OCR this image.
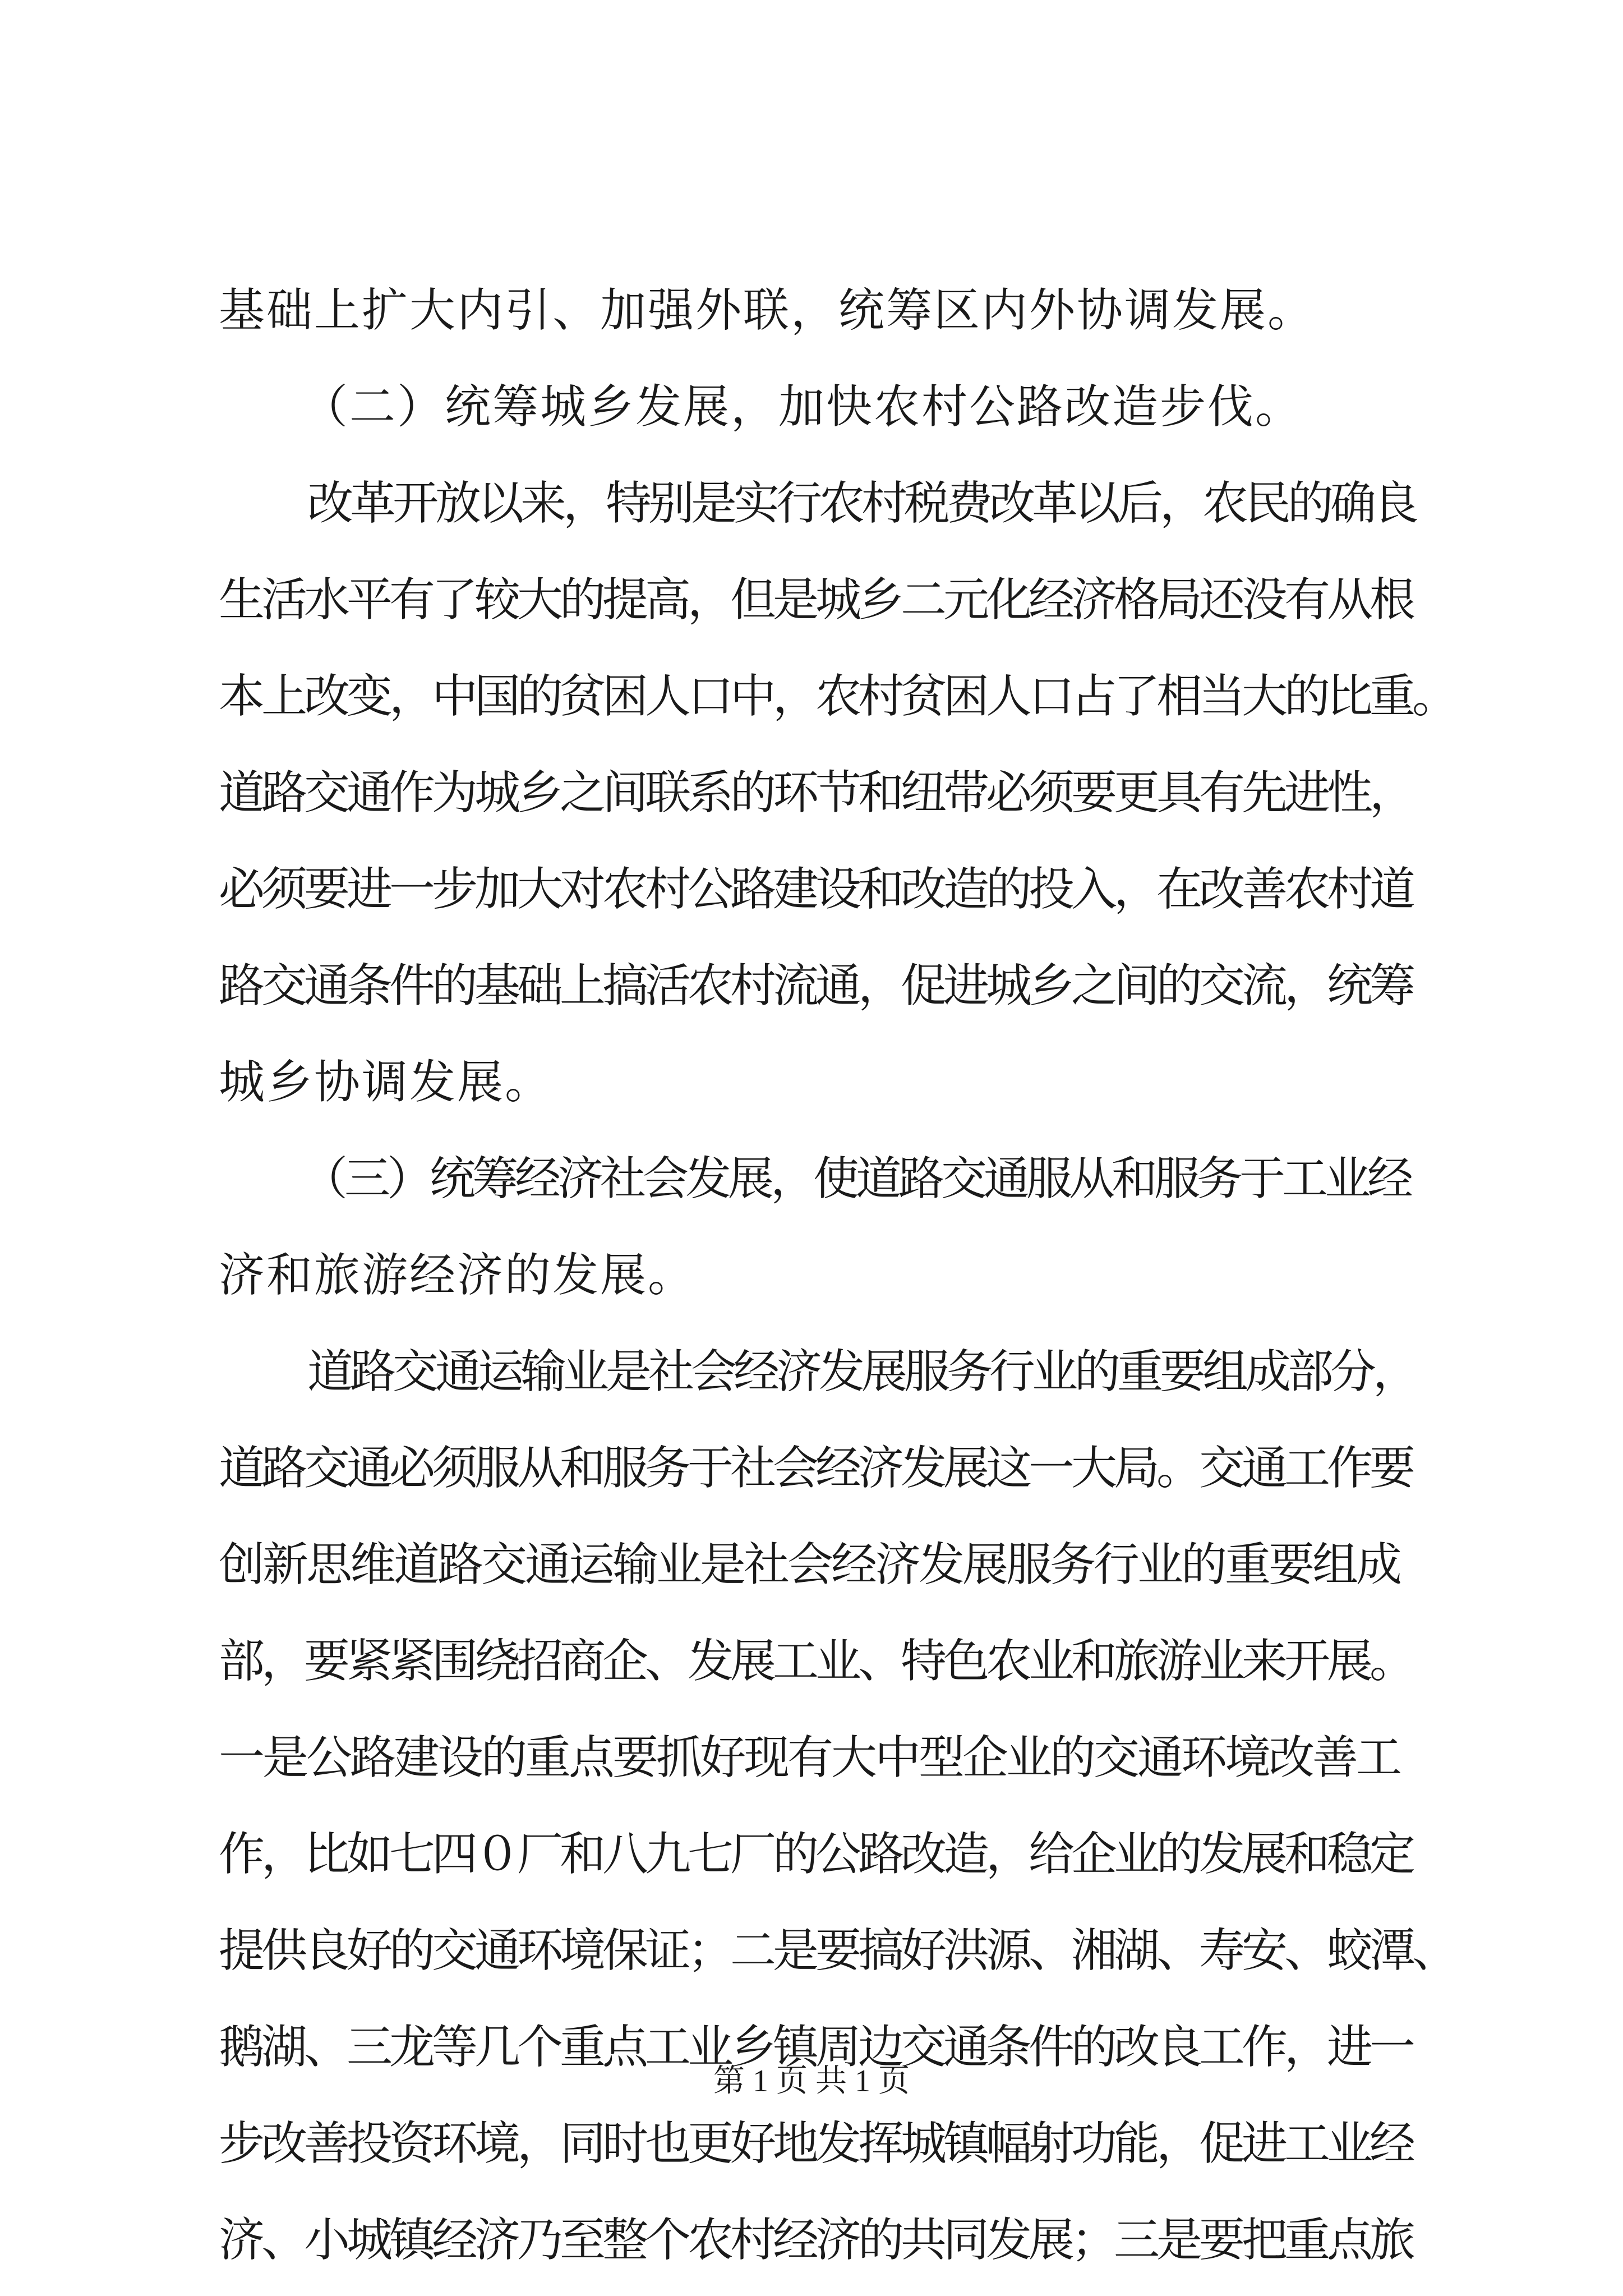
基础上扩大内引、加强外联，统筹区内外协调发展。
（二）统筹城乡发展，加快农村公路改造步伐。
改革开放以来，特别是实行农村税费改革以后，农民的确良
生活水平有了较大的提高，但是城乡二元化经济格局还没有从根
本上改变，中国的贫困人口中，农村贫困人口占了相当大的比重。
道路交通作为城乡之间联系的环节和纽带必须要更具有先进性，
必须要进一步加大对农村公路建设和改造的投入，在改善农村道
路交通条件的基础上搞活农村流通，促进城乡之间的交流，统筹
城乡协调发展。
（三）统筹经济社会发展，使道路交通服从和服务于工业经
济和旅游经济的发展。
道路交通运输业是社会经济发展服务行业的重要组成部分，
道路交通必须服从和服务于社会经济发展这一大局。交通工作要
创新思维道路交通运输业是社会经济发展服务行业的重要组成
部，要紧紧围绕招商企、发展工业、特色农业和旅游业来开展。
一是公路建设的重点要抓好现有大中型企业的交通环境改善工
作，比如七四０厂和八九七厂的公路改造，给企业的发展和稳定
提供良好的交通环境保证；二是要搞好洪源、湘湖、寿安、蛟潭、
鹅湖、三龙等几个重点工业乡镇周边交通条件的改良工作，进一
步改善投资环境，同时也更好地发挥城镇幅射功能，促进工业经
济、小城镇经济乃至整个农村经济的共同发展；三是要把重点旅
第 1 页 共 1 页
